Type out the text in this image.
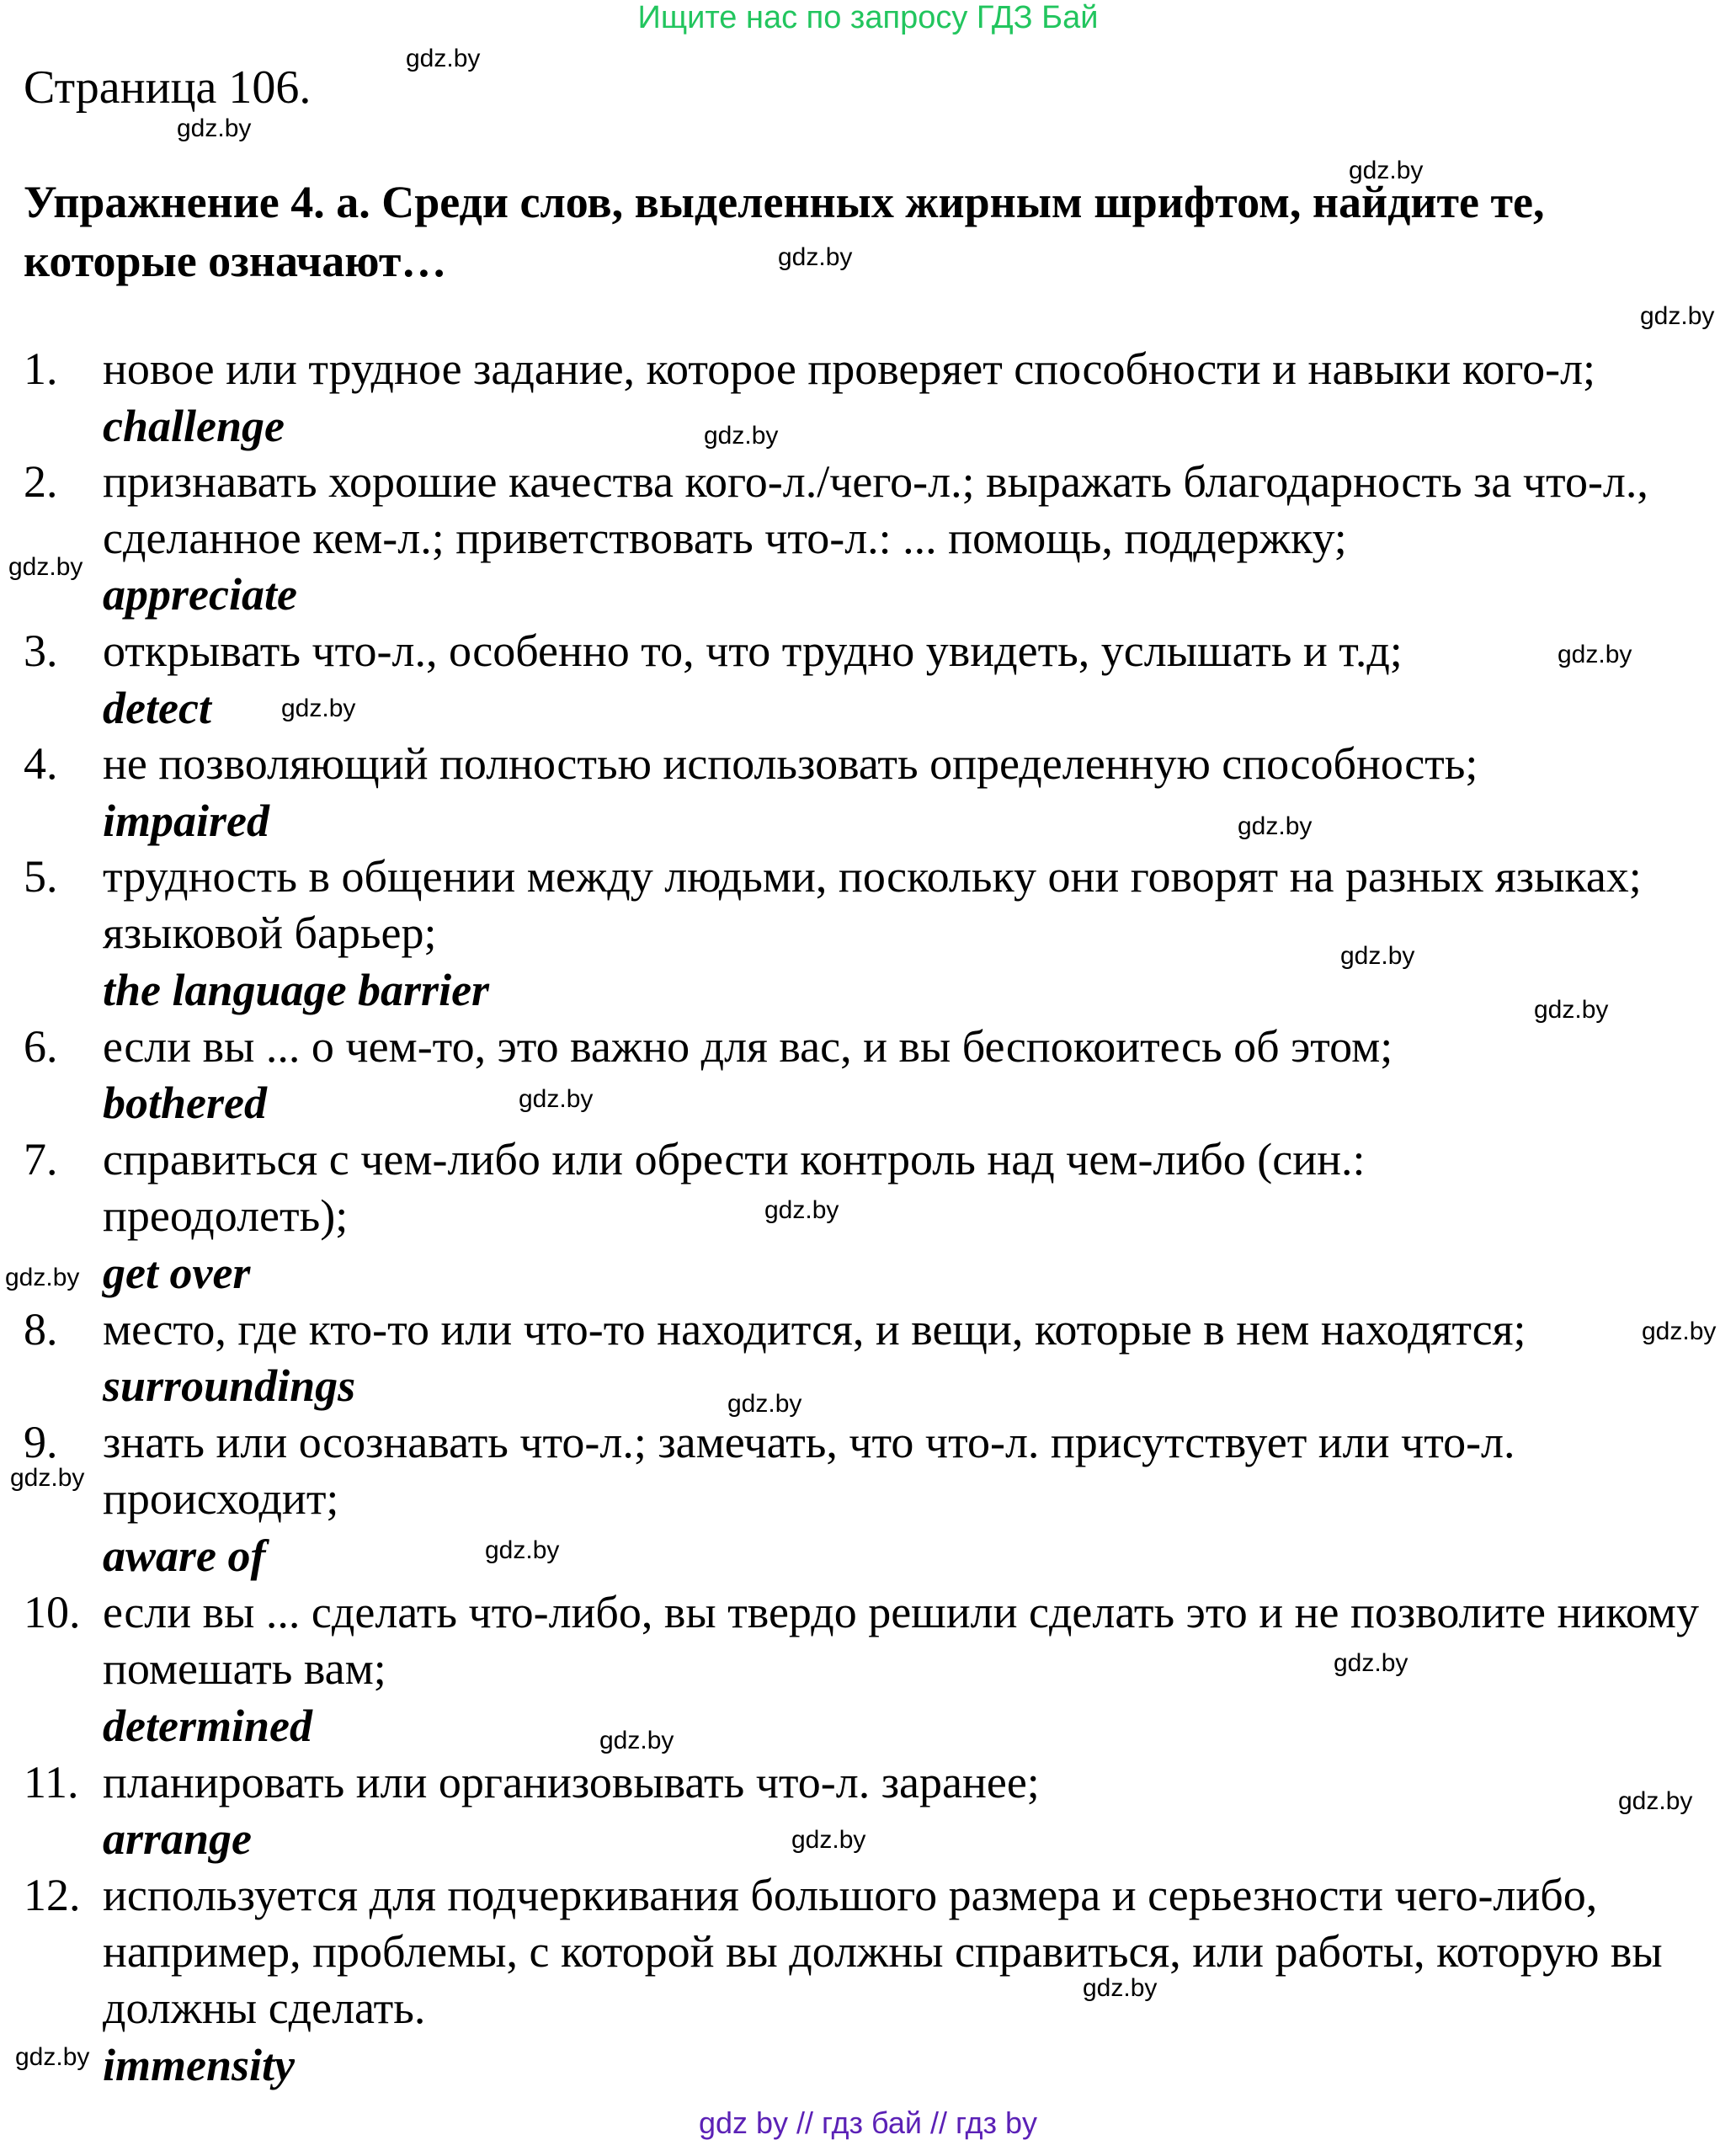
Ищите нас по запросу ГДЗ Бай
Страница 106.
Упражнение 4. а. Среди слов, выделенных жирным шрифтом, найдите те, которые означают…
1. новое или трудное задание, которое проверяет способности и навыки кого-л;
challenge
2. признавать хорошие качества кого-л./чего-л.; выражать благодарность за что-л., сделанное кем-л.; приветствовать что-л.: ... помощь, поддержку;
appreciate
3. открывать что-л., особенно то, что трудно увидеть, услышать и т.д;
detect
4. не позволяющий полностью использовать определенную способность;
impaired
5. трудность в общении между людьми, поскольку они говорят на разных языках; языковой барьер;
the language barrier
6. если вы ... о чем-то, это важно для вас, и вы беспокоитесь об этом;
bothered
7. справиться с чем-либо или обрести контроль над чем-либо (син.: преодолеть);
get over
8. место, где кто-то или что-то находится, и вещи, которые в нем находятся;
surroundings
9. знать или осознавать что-л.; замечать, что что-л. присутствует или что-л. происходит;
aware of
10. если вы ... сделать что-либо, вы твердо решили сделать это и не позволите никому помешать вам;
determined
11. планировать или организовывать что-л. заранее;
arrange
12. используется для подчеркивания большого размера и серьезности чего-либо, например, проблемы, с которой вы должны справиться, или работы, которую вы должны сделать.
immensity
gdz.by
gdz.by
gdz.by
gdz.by
gdz.by
gdz.by
gdz.by
gdz.by
gdz.by
gdz.by
gdz.by
gdz.by
gdz.by
gdz.by
gdz.by
gdz.by
gdz.by
gdz.by
gdz.by
gdz.by
gdz.by
gdz.by
gdz.by
gdz.by
gdz.by
gdz by // гдз бай // гдз by
